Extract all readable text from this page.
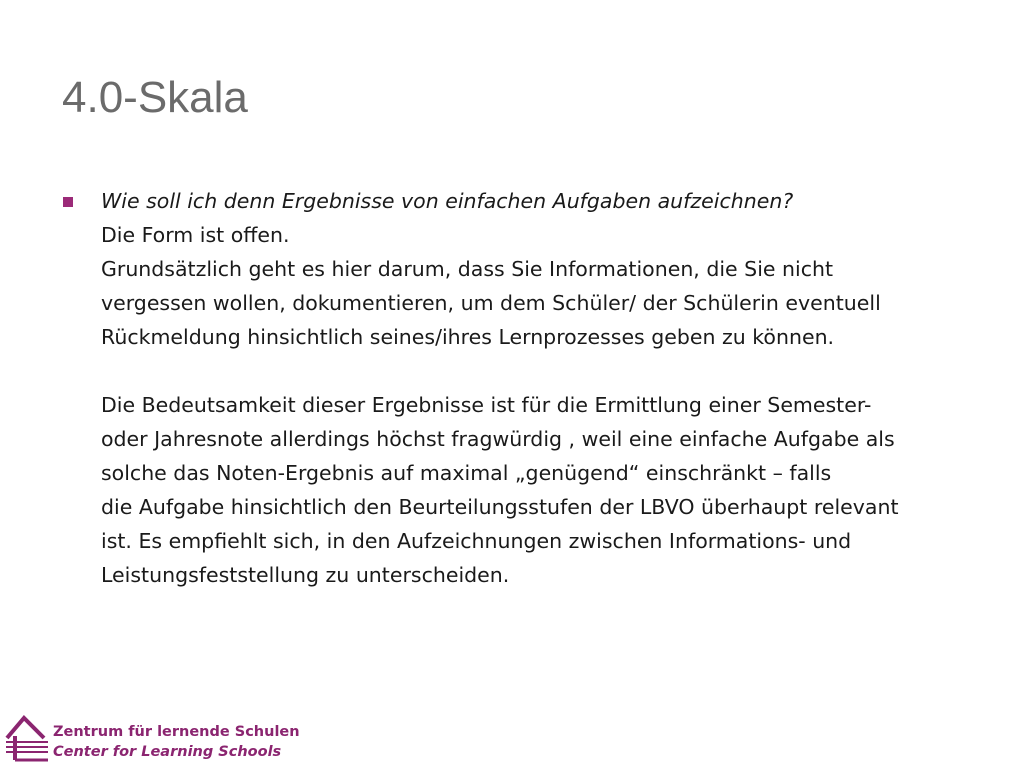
4.0-Skala
Wie soll ich denn Ergebnisse von einfachen Aufgaben aufzeichnen?
Die Form ist offen.
Grundsätzlich geht es hier darum, dass Sie Informationen, die Sie nicht
vergessen wollen, dokumentieren, um dem Schüler/ der Schülerin eventuell
Rückmeldung hinsichtlich seines/ihres Lernprozesses geben zu können.
Die Bedeutsamkeit dieser Ergebnisse ist für die Ermittlung einer Semester-
oder Jahresnote allerdings höchst fragwürdig , weil eine einfache Aufgabe als
solche das Noten-Ergebnis auf maximal „genügend“ einschränkt – falls
die Aufgabe hinsichtlich den Beurteilungsstufen der LBVO überhaupt relevant
ist. Es empfiehlt sich, in den Aufzeichnungen zwischen Informations- und
Leistungsfeststellung zu unterscheiden.
Zentrum für lernende Schulen
Center for Learning Schools
